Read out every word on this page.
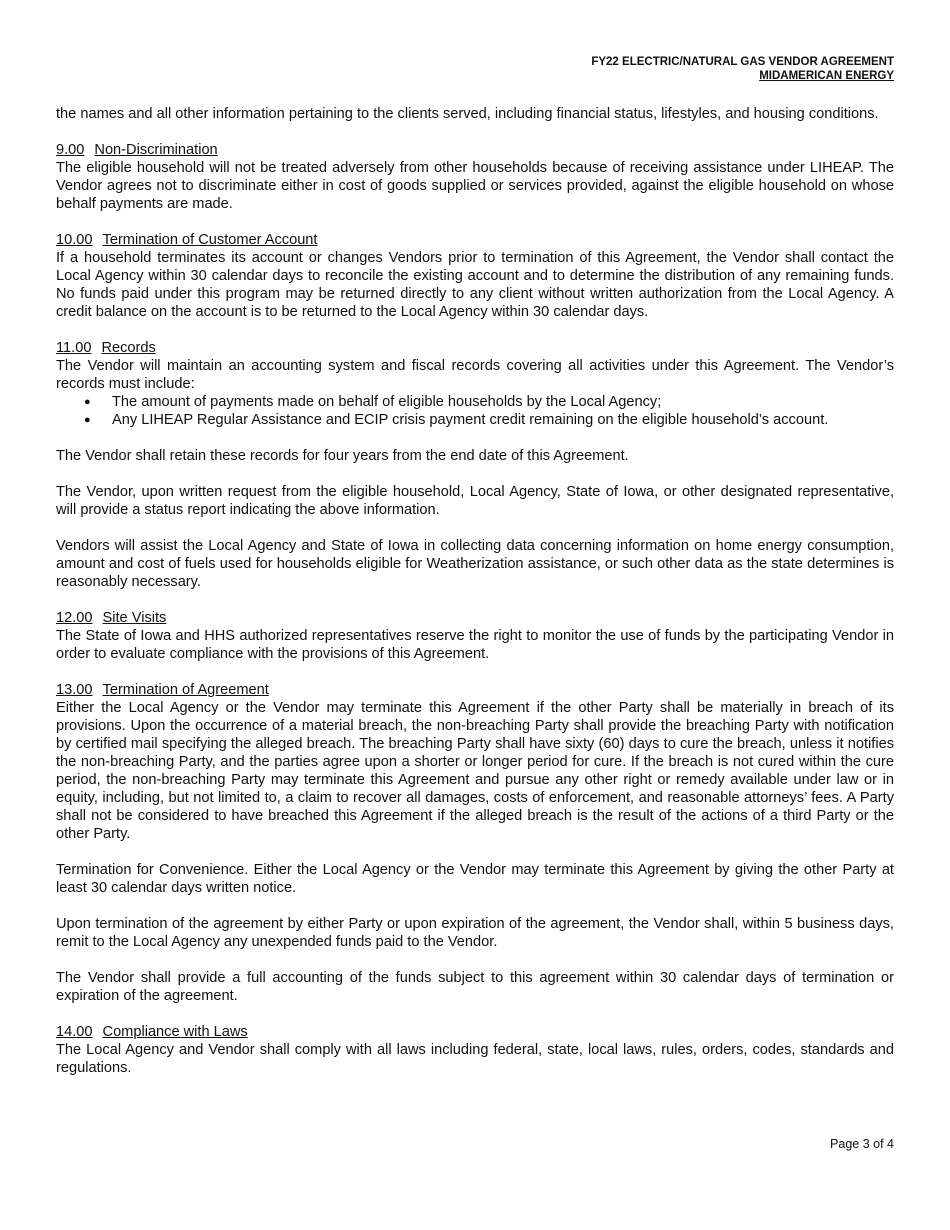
FY22 ELECTRIC/NATURAL GAS VENDOR AGREEMENT
MIDAMERICAN ENERGY

the names and all other information pertaining to the clients served, including financial status, lifestyles, and housing conditions.

9.00 Non-Discrimination

The eligible household will not be treated adversely from other households because of receiving assistance under LIHEAP. The Vendor agrees not to discriminate either in cost of goods supplied or services provided, against the eligible household on whose behalf payments are made.

10.00 Termination of Customer Account

If a household terminates its account or changes Vendors prior to termination of this Agreement, the Vendor shall contact the Local Agency within 30 calendar days to reconcile the existing account and to determine the distribution of any remaining funds. No funds paid under this program may be returned directly to any client without written authorization from the Local Agency. A credit balance on the account is to be returned to the Local Agency within 30 calendar days.

11.00 Records

The Vendor will maintain an accounting system and fiscal records covering all activities under this Agreement. The Vendor’s records must include:

● The amount of payments made on behalf of eligible households by the Local Agency;
● Any LIHEAP Regular Assistance and ECIP crisis payment credit remaining on the eligible household’s account.

The Vendor shall retain these records for four years from the end date of this Agreement.

The Vendor, upon written request from the eligible household, Local Agency, State of Iowa, or other designated representative, will provide a status report indicating the above information.

Vendors will assist the Local Agency and State of Iowa in collecting data concerning information on home energy consumption, amount and cost of fuels used for households eligible for Weatherization assistance, or such other data as the state determines is reasonably necessary.

12.00 Site Visits

The State of Iowa and HHS authorized representatives reserve the right to monitor the use of funds by the participating Vendor in order to evaluate compliance with the provisions of this Agreement.

13.00 Termination of Agreement

Either the Local Agency or the Vendor may terminate this Agreement if the other Party shall be materially in breach of its provisions. Upon the occurrence of a material breach, the non-breaching Party shall provide the breaching Party with notification by certified mail specifying the alleged breach. The breaching Party shall have sixty (60) days to cure the breach, unless it notifies the non-breaching Party, and the parties agree upon a shorter or longer period for cure. If the breach is not cured within the cure period, the non-breaching Party may terminate this Agreement and pursue any other right or remedy available under law or in equity, including, but not limited to, a claim to recover all damages, costs of enforcement, and reasonable attorneys’ fees. A Party shall not be considered to have breached this Agreement if the alleged breach is the result of the actions of a third Party or the other Party.

Termination for Convenience. Either the Local Agency or the Vendor may terminate this Agreement by giving the other Party at least 30 calendar days written notice.

Upon termination of the agreement by either Party or upon expiration of the agreement, the Vendor shall, within 5 business days, remit to the Local Agency any unexpended funds paid to the Vendor.

The Vendor shall provide a full accounting of the funds subject to this agreement within 30 calendar days of termination or expiration of the agreement.

14.00 Compliance with Laws

The Local Agency and Vendor shall comply with all laws including federal, state, local laws, rules, orders, codes, standards and regulations.

Page 3 of 4
